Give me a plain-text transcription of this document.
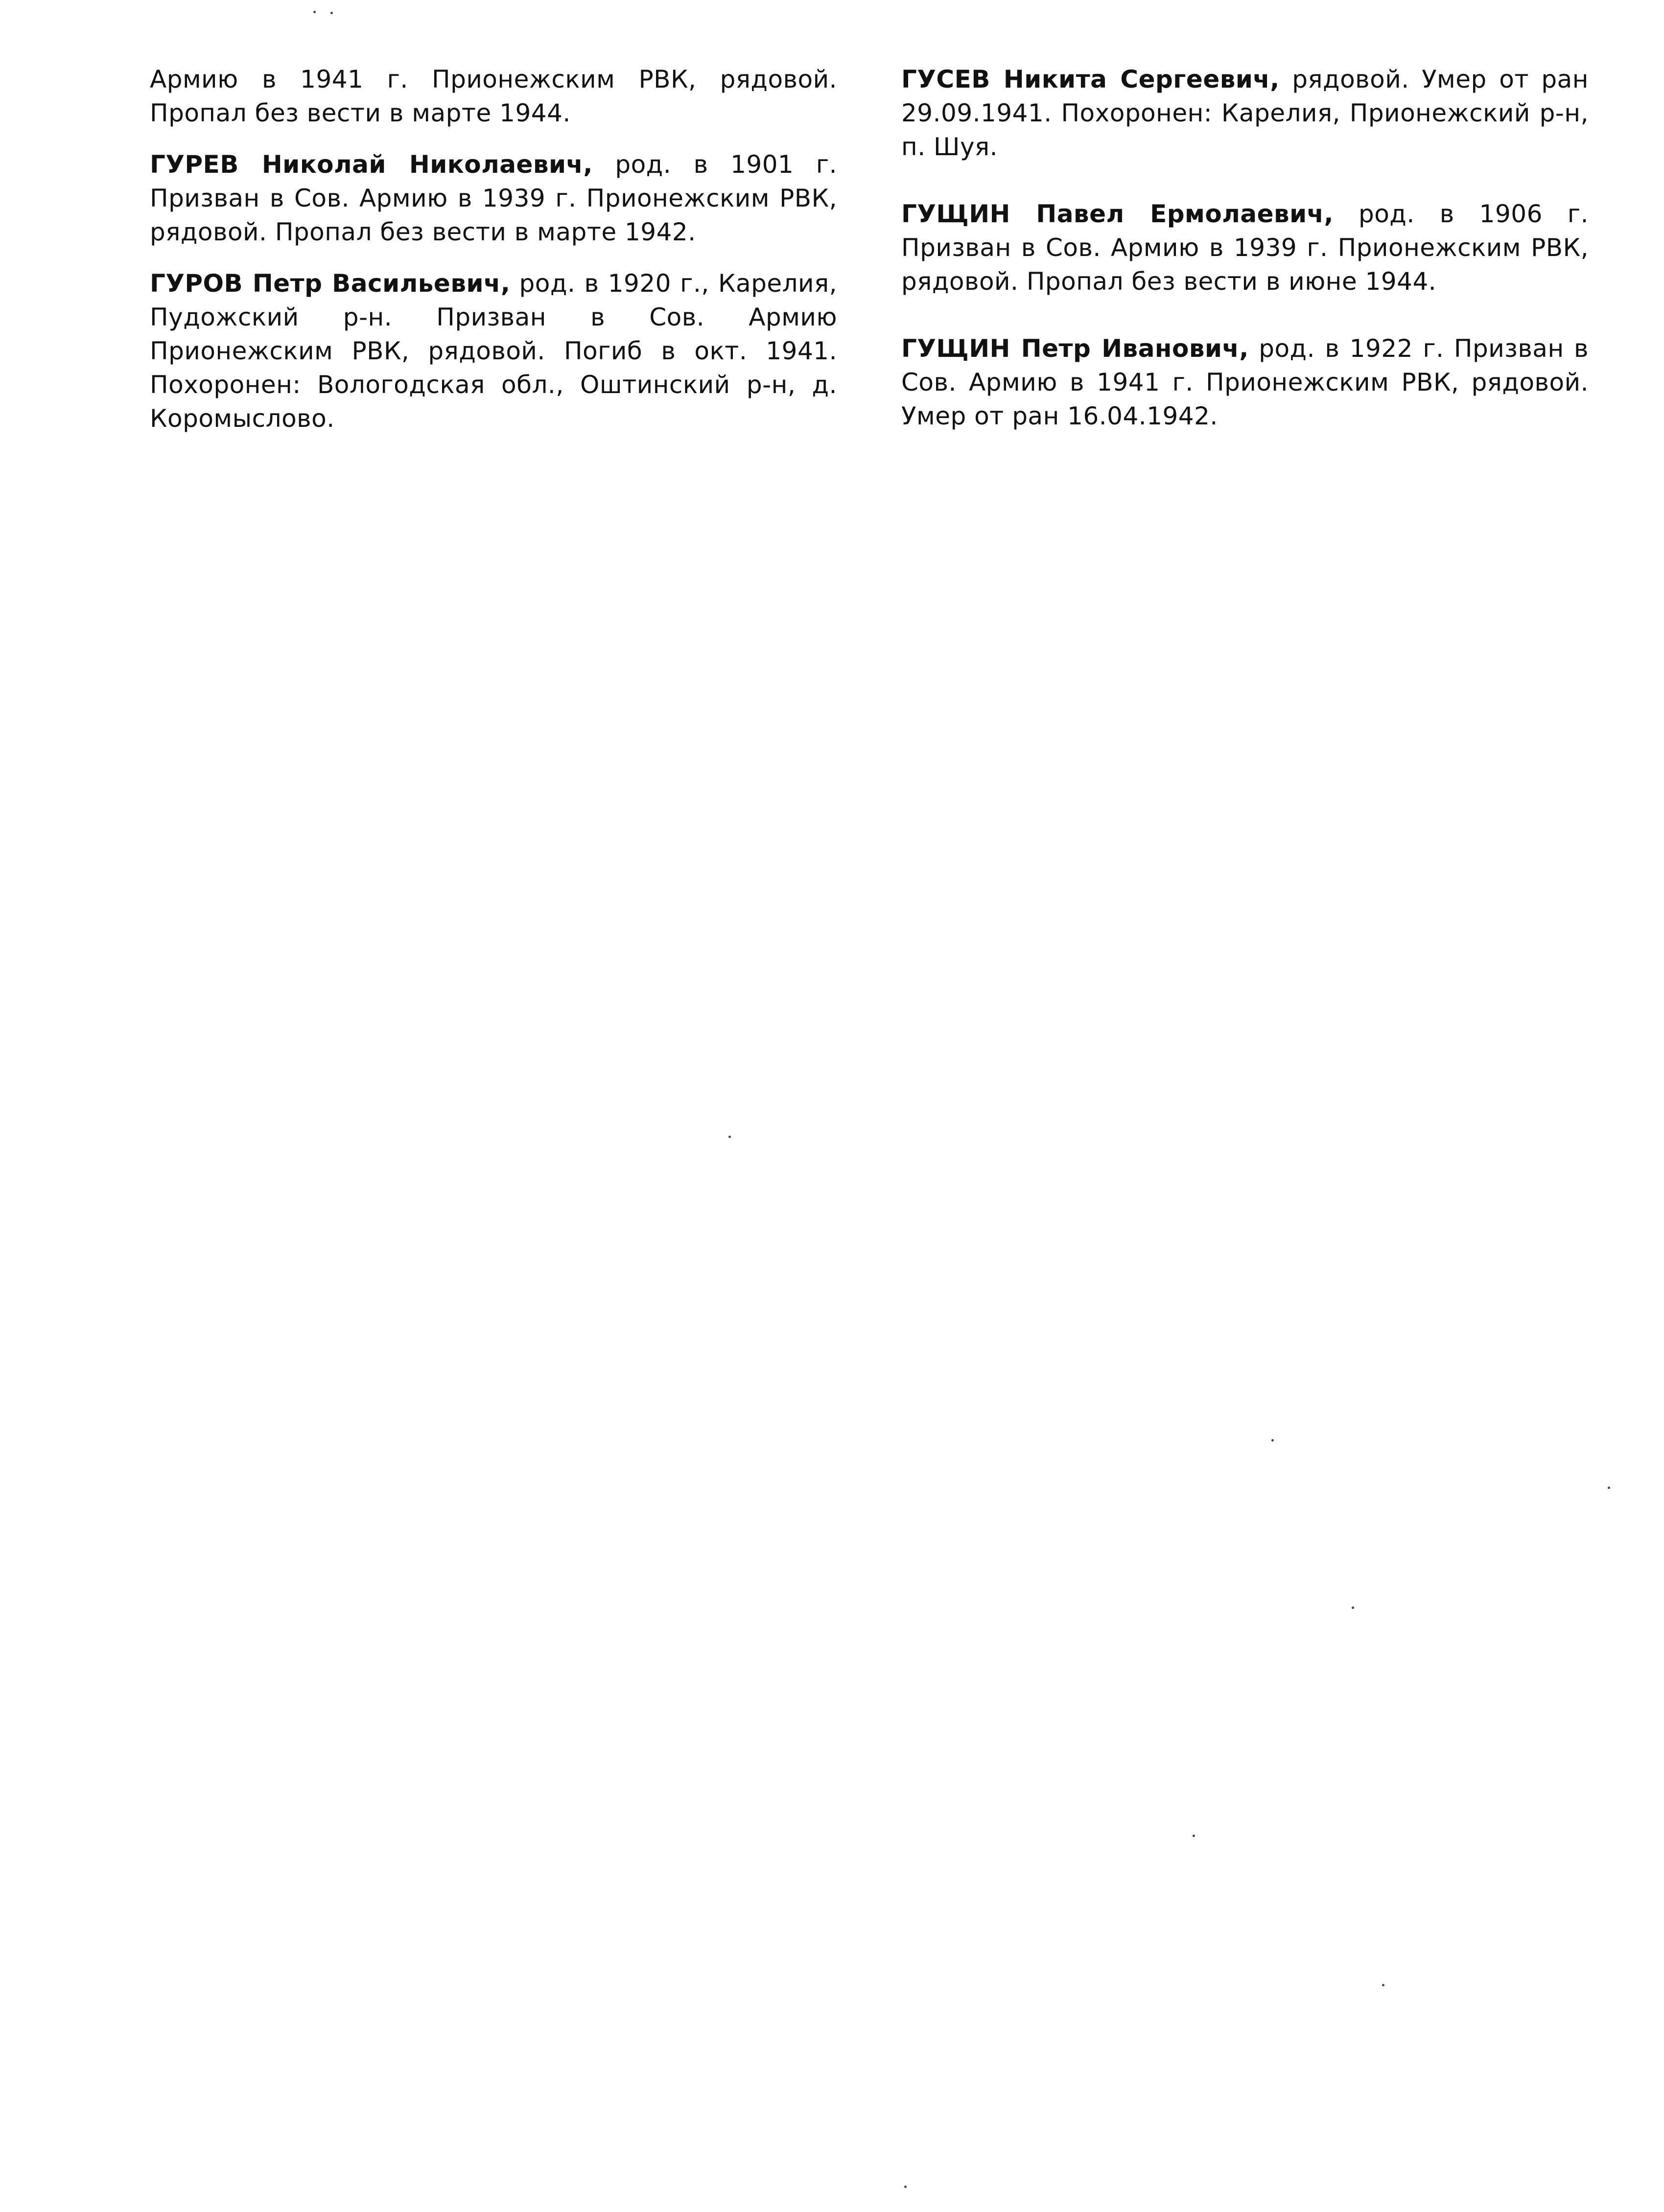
Армию в 1941 г. Прионежским РВК, рядовой. Пропал без вести в марте 1944.

ГУРЕВ Николай Николаевич, род. в 1901 г. Призван в Сов. Армию в 1939 г. Прионежским РВК, рядовой. Пропал без вести в марте 1942.

ГУРОВ Петр Васильевич, род. в 1920 г., Карелия, Пудожский р-н. Призван в Сов. Армию Прионежским РВК, рядовой. Погиб в окт. 1941. Похоронен: Вологодская обл., Оштинский р-н, д. Коромыслово.

ГУСЕВ Никита Сергеевич, рядовой. Умер от ран 29.09.1941. Похоронен: Карелия, Прионежский р-н, п. Шуя.

ГУЩИН Павел Ермолаевич, род. в 1906 г. Призван в Сов. Армию в 1939 г. Прионежским РВК, рядовой. Пропал без вести в июне 1944.

ГУЩИН Петр Иванович, род. в 1922 г. Призван в Сов. Армию в 1941 г. Прионежским РВК, рядовой. Умер от ран 16.04.1942.
